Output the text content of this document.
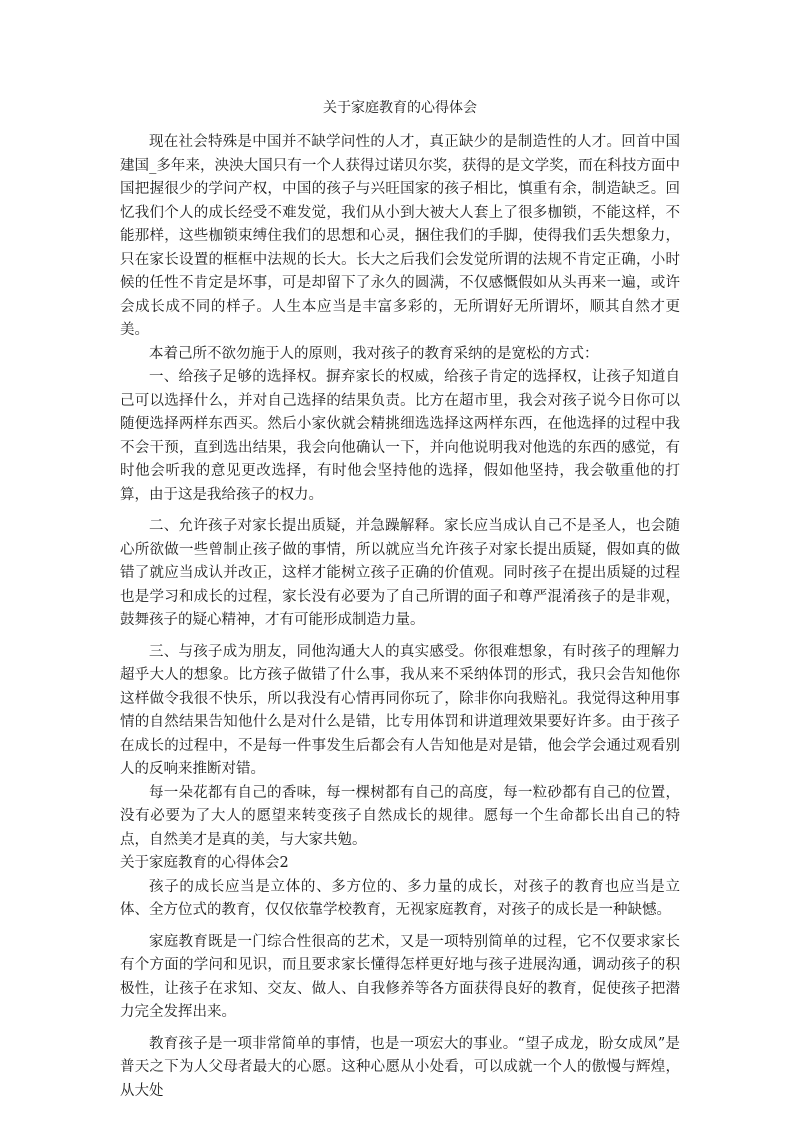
关于家庭教育的心得体会

现在社会特殊是中国并不缺学问性的人才，真正缺少的是制造性的人才。回首中国建国_多年来，泱泱大国只有一个人获得过诺贝尔奖，获得的是文学奖，而在科技方面中国把握很少的学问产权，中国的孩子与兴旺国家的孩子相比，慎重有余，制造缺乏。回忆我们个人的成长经受不难发觉，我们从小到大被大人套上了很多枷锁，不能这样，不能那样，这些枷锁束缚住我们的思想和心灵，捆住我们的手脚，使得我们丢失想象力，只在家长设置的框框中法规的长大。长大之后我们会发觉所谓的法规不肯定正确，小时候的任性不肯定是坏事，可是却留下了永久的圆满，不仅感慨假如从头再来一遍，或许会成长成不同的样子。人生本应当是丰富多彩的，无所谓好无所谓坏，顺其自然才更美。

本着己所不欲勿施于人的原则，我对孩子的教育采纳的是宽松的方式：

一、给孩子足够的选择权。摒弃家长的权威，给孩子肯定的选择权，让孩子知道自己可以选择什么，并对自己选择的结果负责。比方在超市里，我会对孩子说今日你可以随便选择两样东西买。然后小家伙就会精挑细选选择这两样东西，在他选择的过程中我不会干预，直到选出结果，我会向他确认一下，并向他说明我对他选的东西的感觉，有时他会听我的意见更改选择，有时他会坚持他的选择，假如他坚持，我会敬重他的打算，由于这是我给孩子的权力。

二、允许孩子对家长提出质疑，并急躁解释。家长应当成认自己不是圣人，也会随心所欲做一些曾制止孩子做的事情，所以就应当允许孩子对家长提出质疑，假如真的做错了就应当成认并改正，这样才能树立孩子正确的价值观。同时孩子在提出质疑的过程也是学习和成长的过程，家长没有必要为了自己所谓的面子和尊严混淆孩子的是非观，鼓舞孩子的疑心精神，才有可能形成制造力量。

三、与孩子成为朋友，同他沟通大人的真实感受。你很难想象，有时孩子的理解力超乎大人的想象。比方孩子做错了什么事，我从来不采纳体罚的形式，我只会告知他你这样做令我很不快乐，所以我没有心情再同你玩了，除非你向我赔礼。我觉得这种用事情的自然结果告知他什么是对什么是错，比专用体罚和讲道理效果要好许多。由于孩子在成长的过程中，不是每一件事发生后都会有人告知他是对是错，他会学会通过观看别人的反响来推断对错。

每一朵花都有自己的香味，每一棵树都有自己的高度，每一粒砂都有自己的位置，没有必要为了大人的愿望来转变孩子自然成长的规律。愿每一个生命都长出自己的特点，自然美才是真的美，与大家共勉。

关于家庭教育的心得体会2

孩子的成长应当是立体的、多方位的、多力量的成长，对孩子的教育也应当是立体、全方位式的教育，仅仅依靠学校教育，无视家庭教育，对孩子的成长是一种缺憾。

家庭教育既是一门综合性很高的艺术，又是一项特别简单的过程，它不仅要求家长有个方面的学问和见识，而且要求家长懂得怎样更好地与孩子进展沟通，调动孩子的积极性，让孩子在求知、交友、做人、自我修养等各方面获得良好的教育，促使孩子把潜力完全发挥出来。

教育孩子是一项非常简单的事情，也是一项宏大的事业。“望子成龙，盼女成凤”是普天之下为人父母者最大的心愿。这种心愿从小处看，可以成就一个人的傲慢与辉煌，从大处
